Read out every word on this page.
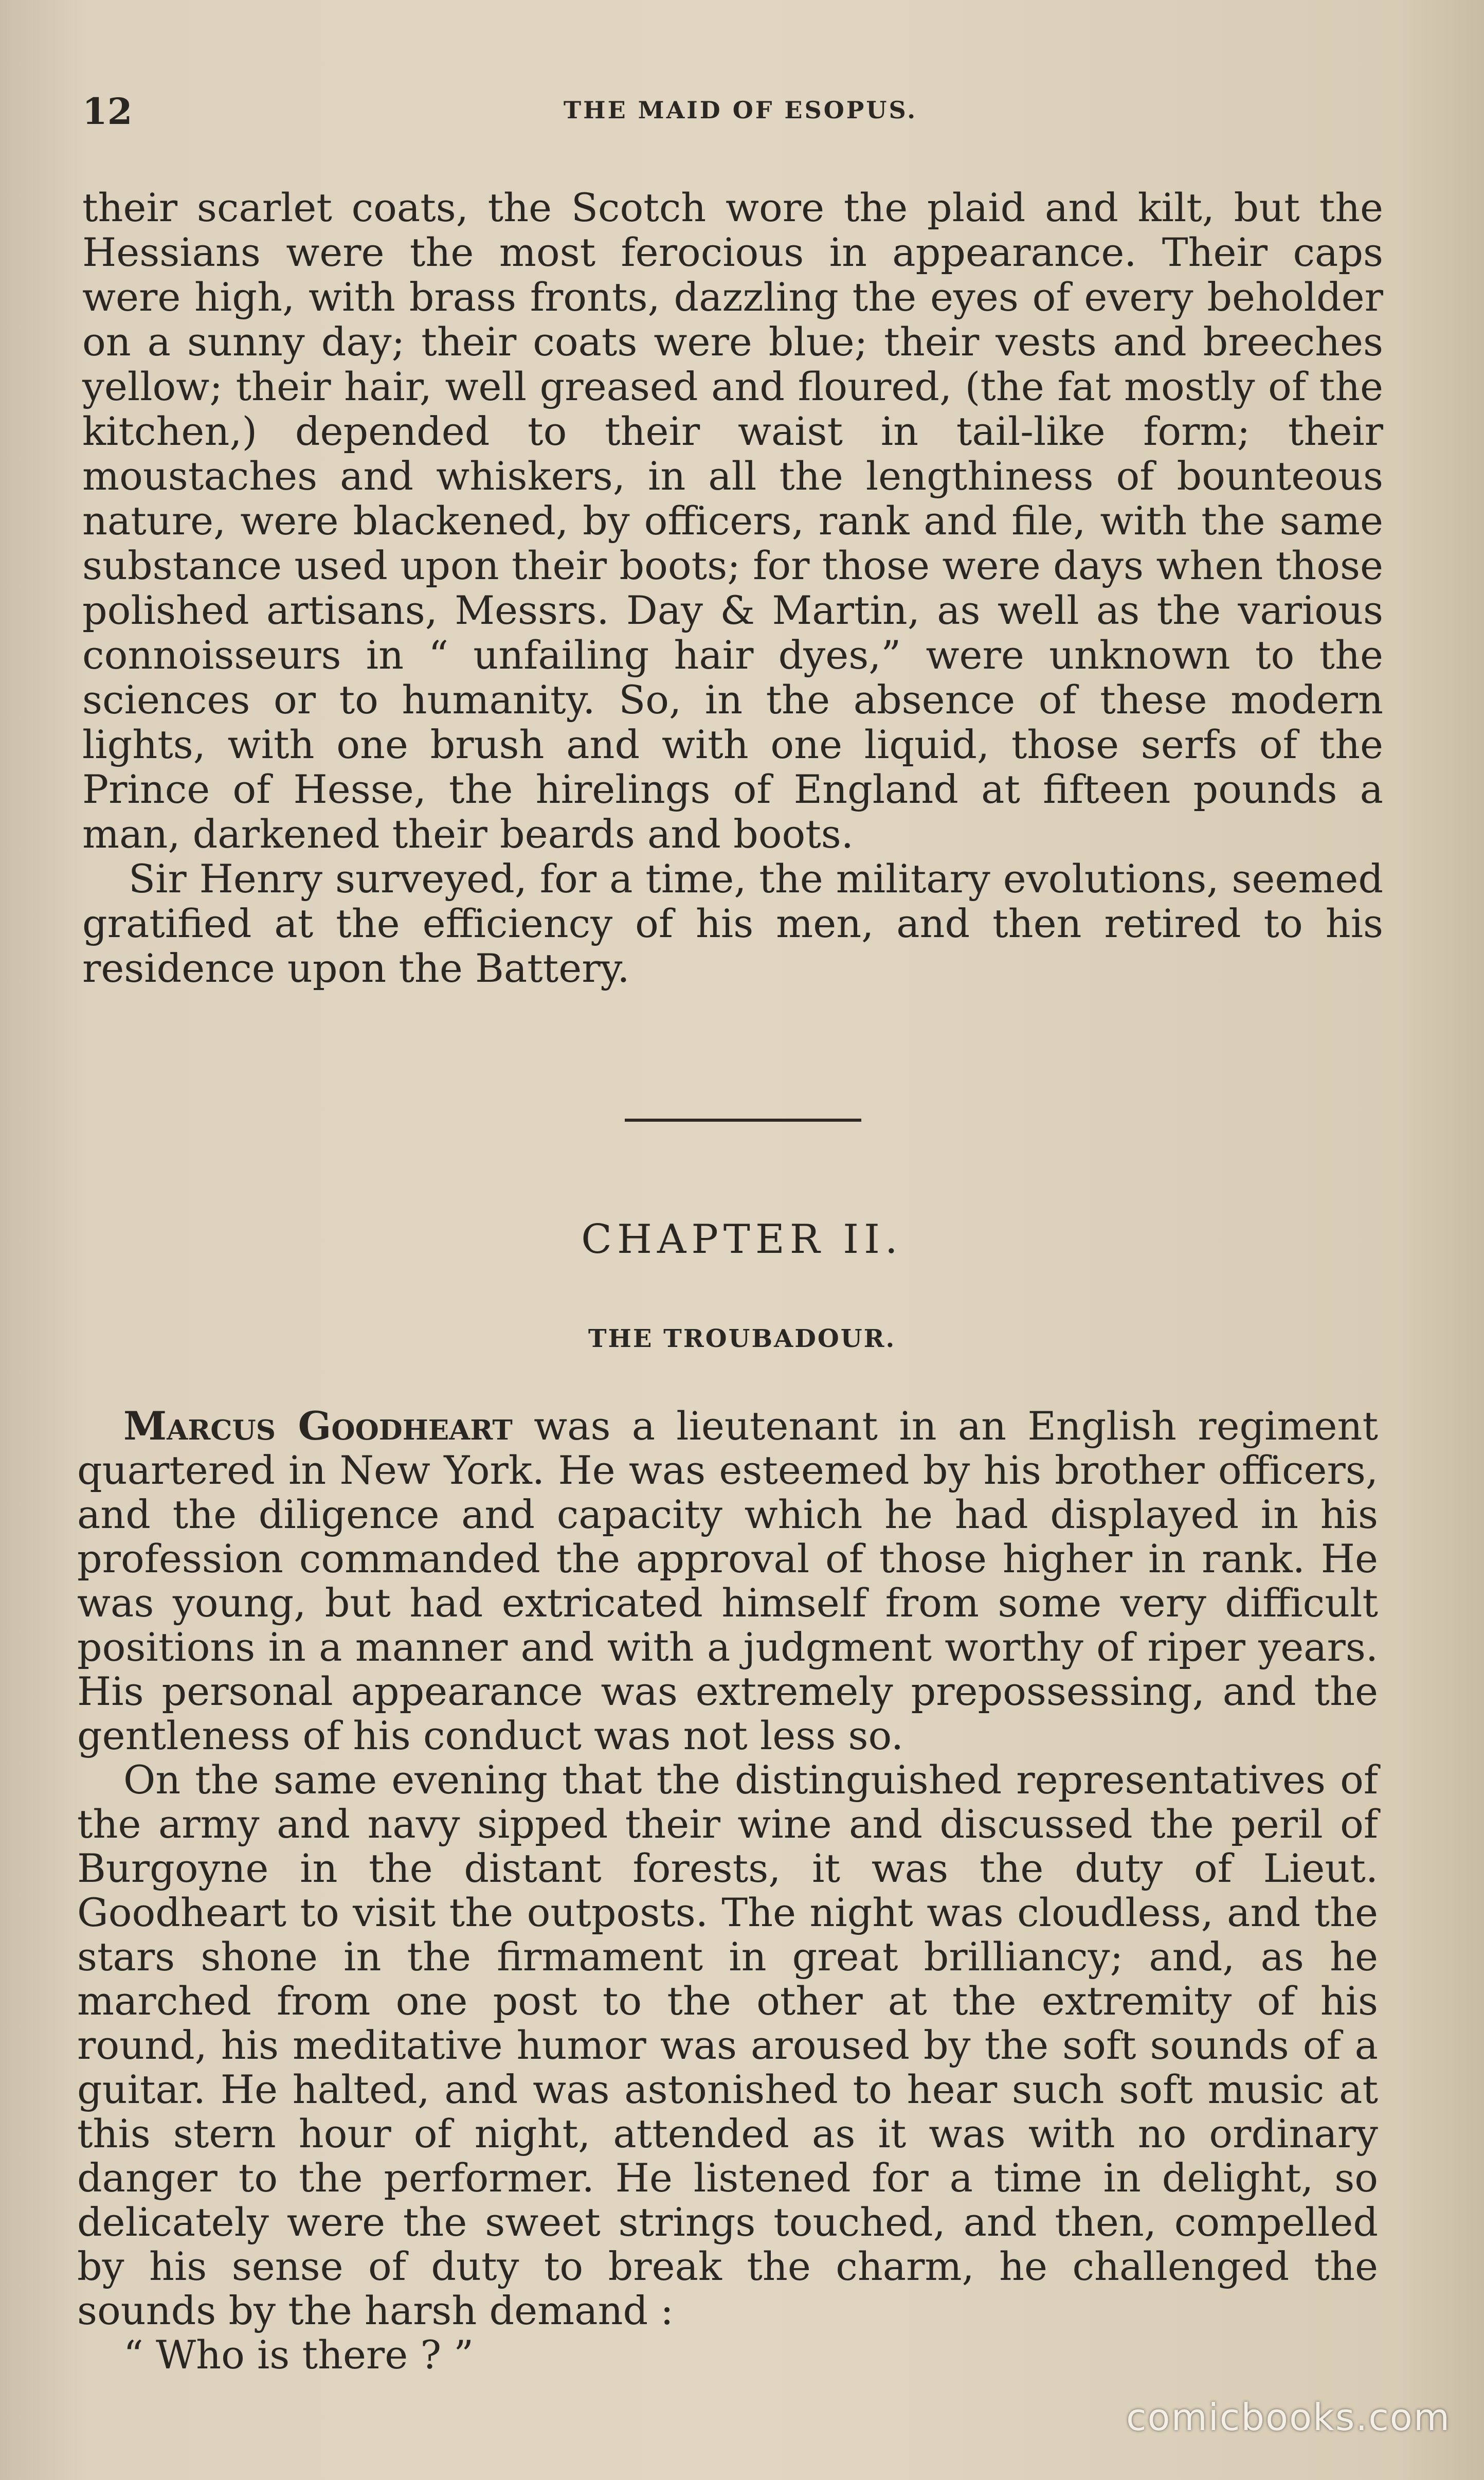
12	THE MAID OF ESOPUS.

their scarlet coats, the Scotch wore the plaid and kilt, but the Hessians were the most ferocious in appearance. Their caps were high, with brass fronts, dazzling the eyes of every beholder on a sunny day; their coats were blue; their vests and breeches yellow; their hair, well greased and floured, (the fat mostly of the kitchen,) depended to their waist in tail-like form; their moustaches and whiskers, in all the lengthiness of bounteous nature, were blackened, by officers, rank and file, with the same substance used upon their boots; for those were days when those polished artisans, Messrs. Day & Martin, as well as the various connoisseurs in “ unfailing hair dyes,” were unknown to the sciences or to humanity. So, in the absence of these modern lights, with one brush and with one liquid, those serfs of the Prince of Hesse, the hirelings of England at fifteen pounds a man, darkened their beards and boots.

Sir Henry surveyed, for a time, the military evolutions, seemed gratified at the efficiency of his men, and then retired to his residence upon the Battery.

CHAPTER II.
THE TROUBADOUR.

Marcus Goodheart was a lieutenant in an English regiment quartered in New York. He was esteemed by his brother officers, and the diligence and capacity which he had displayed in his profession commanded the approval of those higher in rank. He was young, but had extricated himself from some very difficult positions in a manner and with a judgment worthy of riper years. His personal appearance was extremely prepossessing, and the gentleness of his conduct was not less so.

On the same evening that the distinguished representatives of the army and navy sipped their wine and discussed the peril of Burgoyne in the distant forests, it was the duty of Lieut. Goodheart to visit the outposts. The night was cloudless, and the stars shone in the firmament in great brilliancy; and, as he marched from one post to the other at the extremity of his round, his meditative humor was aroused by the soft sounds of a guitar. He halted, and was astonished to hear such soft music at this stern hour of night, attended as it was with no ordinary danger to the performer. He listened for a time in delight, so delicately were the sweet strings touched, and then, compelled by his sense of duty to break the charm, he challenged the sounds by the harsh demand :

“ Who is there ? ”

comicbooks.com
